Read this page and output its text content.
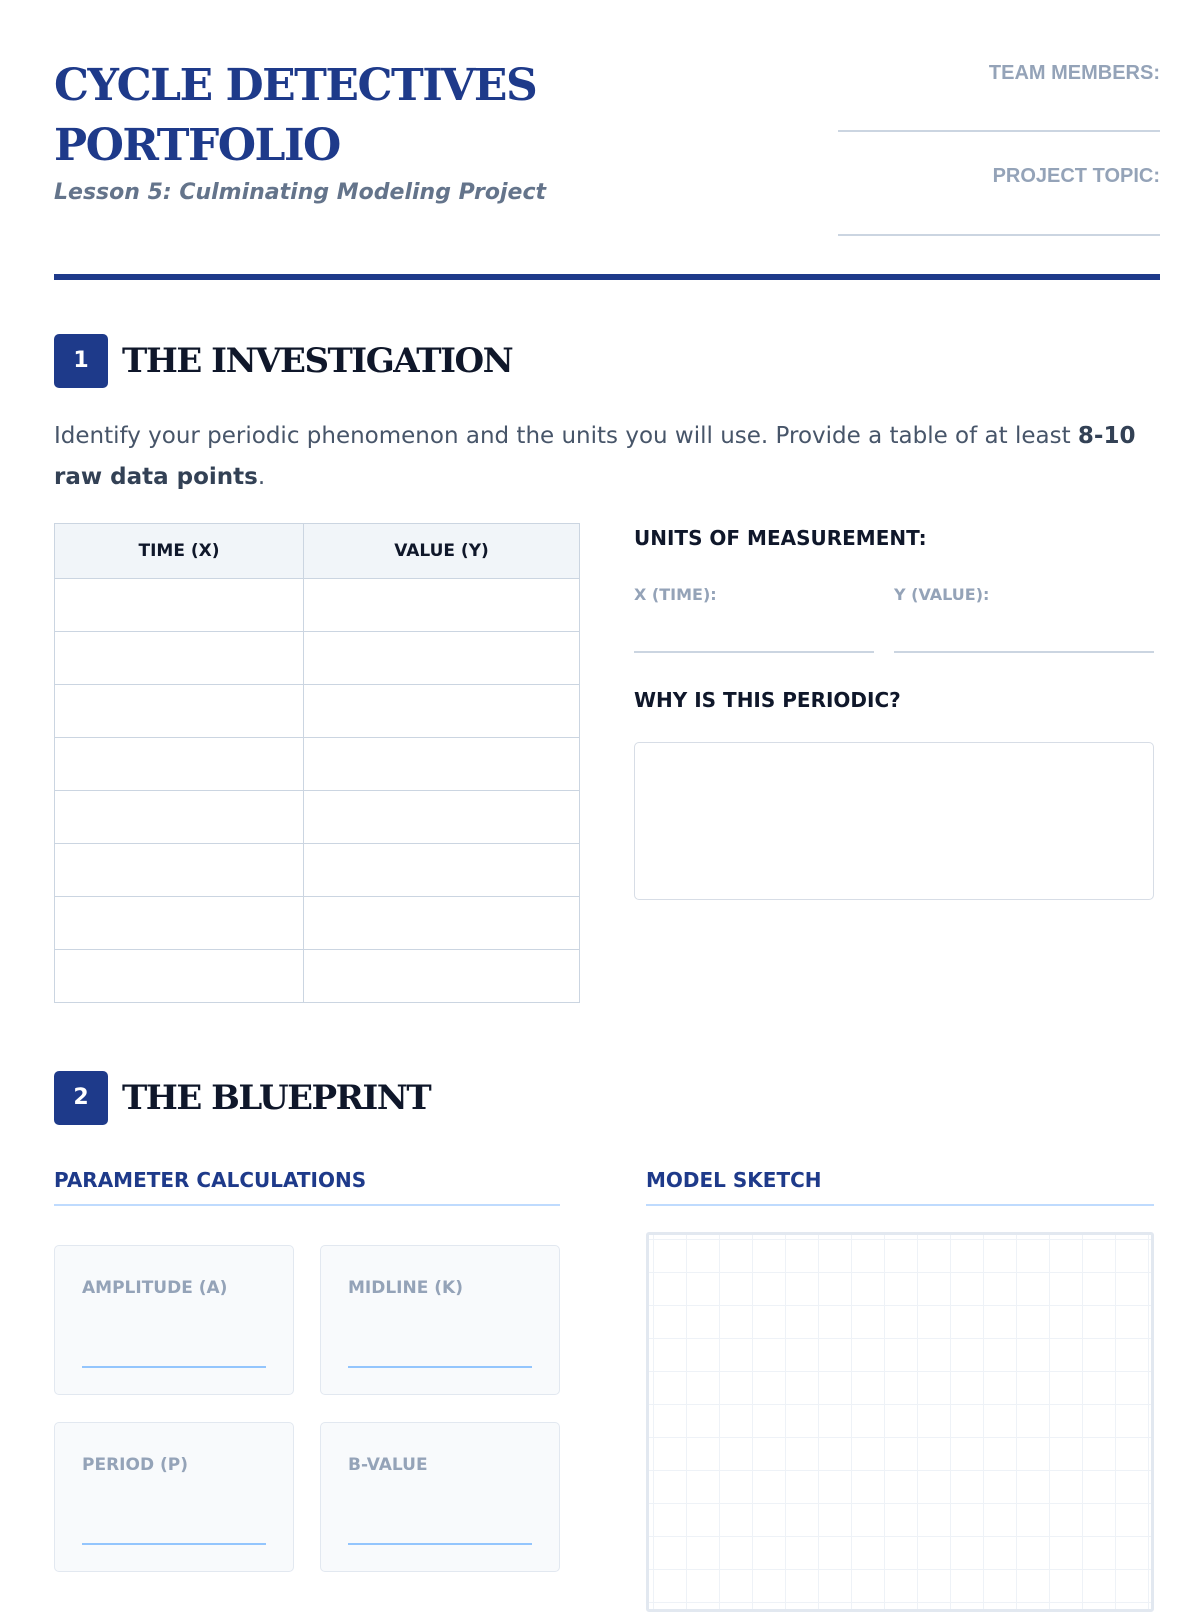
CYCLE DETECTIVES
PORTFOLIO

Lesson 5: Culminating Modeling Project

TEAM MEMBERS:
PROJECT TOPIC:
1 THE INVESTIGATION

Identify your periodic phenomenon and the units you will use. Provide a table of at least 8-10 raw data points.

TIME (X)	VALUE (Y)

UNITS OF MEASUREMENT:
X (TIME):	Y (VALUE):
WHY IS THIS PERIODIC?
2 THE BLUEPRINT
PARAMETER CALCULATIONS	MODEL SKETCH
AMPLITUDE (A)	MIDLINE (K)
PERIOD (P)	B-VALUE
